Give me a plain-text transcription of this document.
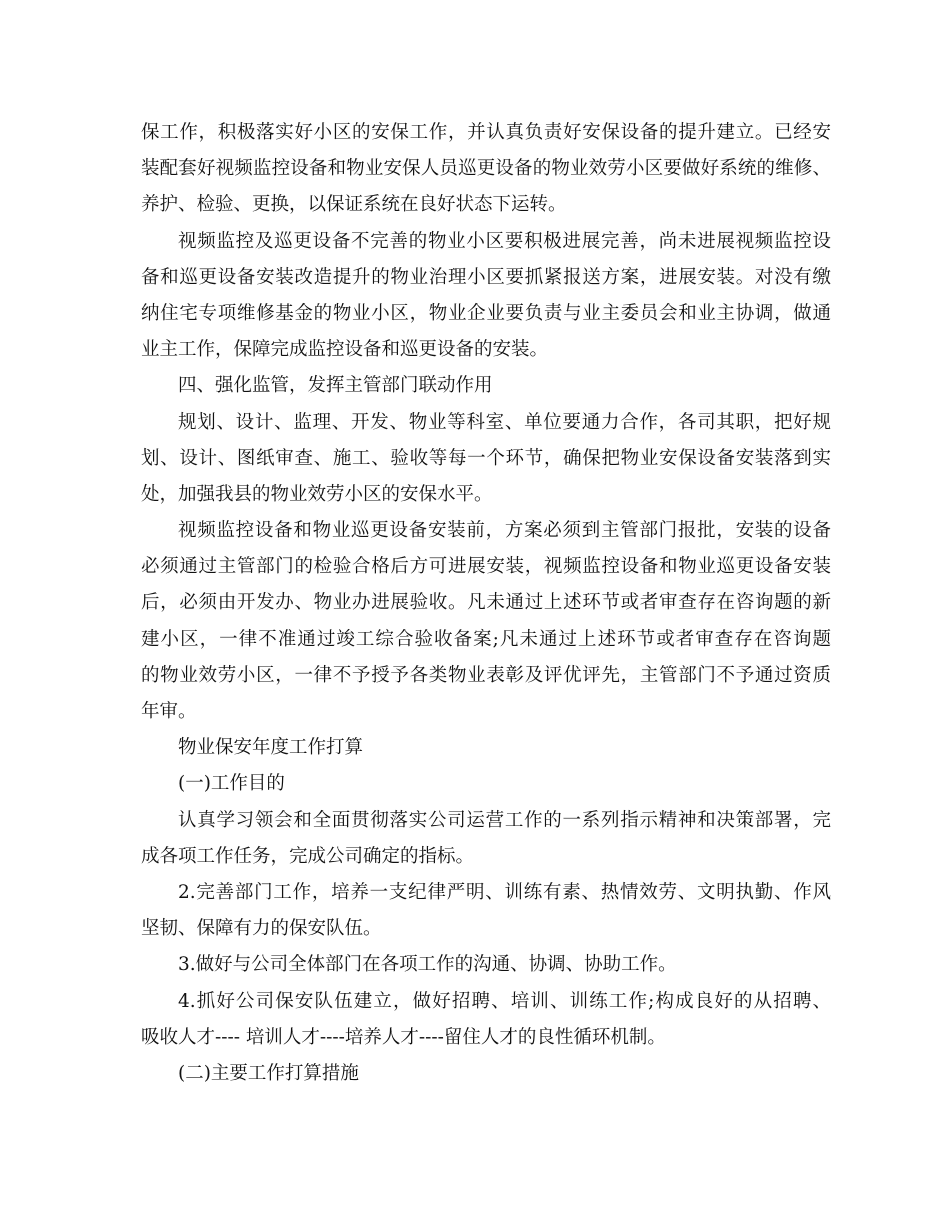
保工作，积极落实好小区的安保工作，并认真负责好安保设备的提升建立。已经安
装配套好视频监控设备和物业安保人员巡更设备的物业效劳小区要做好系统的维修、
养护、检验、更换，以保证系统在良好状态下运转。
视频监控及巡更设备不完善的物业小区要积极进展完善，尚未进展视频监控设
备和巡更设备安装改造提升的物业治理小区要抓紧报送方案，进展安装。对没有缴
纳住宅专项维修基金的物业小区，物业企业要负责与业主委员会和业主协调，做通
业主工作，保障完成监控设备和巡更设备的安装。
四、强化监管，发挥主管部门联动作用
规划、设计、监理、开发、物业等科室、单位要通力合作，各司其职，把好规
划、设计、图纸审查、施工、验收等每一个环节，确保把物业安保设备安装落到实
处，加强我县的物业效劳小区的安保水平。
视频监控设备和物业巡更设备安装前，方案必须到主管部门报批，安装的设备
必须通过主管部门的检验合格后方可进展安装，视频监控设备和物业巡更设备安装
后，必须由开发办、物业办进展验收。凡未通过上述环节或者审查存在咨询题的新
建小区，一律不准通过竣工综合验收备案;凡未通过上述环节或者审查存在咨询题
的物业效劳小区，一律不予授予各类物业表彰及评优评先，主管部门不予通过资质
年审。
物业保安年度工作打算
(一)工作目的
认真学习领会和全面贯彻落实公司运营工作的一系列指示精神和决策部署，完
成各项工作任务，完成公司确定的指标。
2.完善部门工作，培养一支纪律严明、训练有素、热情效劳、文明执勤、作风
坚韧、保障有力的保安队伍。
3.做好与公司全体部门在各项工作的沟通、协调、协助工作。
4.抓好公司保安队伍建立，做好招聘、培训、训练工作;构成良好的从招聘、
吸收人才---- 培训人才----培养人才----留住人才的良性循环机制。
(二)主要工作打算措施
